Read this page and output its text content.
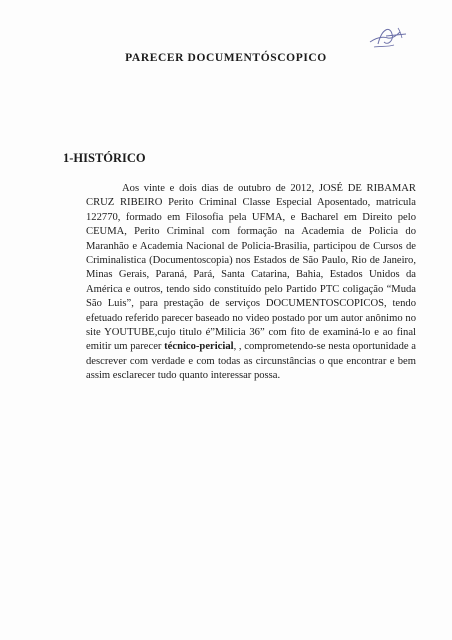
PARECER DOCUMENTÓSCOPICO
1-HISTÓRICO

Aos vinte e dois dias de outubro de 2012, JOSÉ DE RIBAMAR CRUZ RIBEIRO Perito Criminal Classe Especial Aposentado, matricula 122770, formado em Filosofia pela UFMA, e Bacharel em Direito pelo CEUMA, Perito Criminal com formação na Academia de Policia do Maranhão e Academia Nacional de Policia-Brasilia, participou de Cursos de Criminalistica (Documentoscopia) nos Estados de São Paulo, Rio de Janeiro, Minas Gerais, Paraná, Pará, Santa Catarina, Bahia, Estados Unidos da América e outros, tendo sido constituído pelo Partido PTC coligação “Muda São Luis”, para prestação de serviços DOCUMENTOSCOPICOS, tendo efetuado referido parecer baseado no video postado por um autor anônimo no site YOUTUBE,cujo titulo é”Milicia 36” com fito de examiná-lo e ao final emitir um parecer técnico-pericial, , comprometendo-se nesta oportunidade a descrever com verdade e com todas as circunstâncias o que encontrar e bem assim esclarecer tudo quanto interessar possa.
